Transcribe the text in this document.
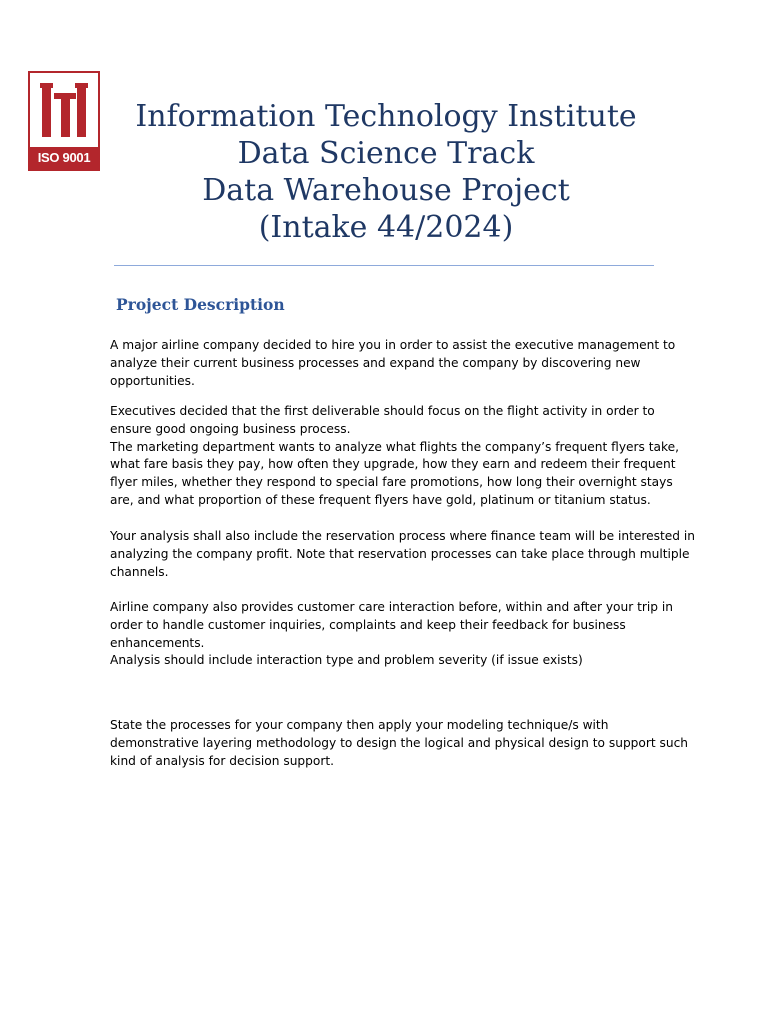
ISO 9001
Information Technology Institute
Data Science Track
Data Warehouse Project
(Intake 44/2024)
Project Description
A major airline company decided to hire you in order to assist the executive management to
analyze their current business processes and expand the company by discovering new
opportunities.
Executives decided that the first deliverable should focus on the flight activity in order to
ensure good ongoing business process.
The marketing department wants to analyze what flights the company’s frequent flyers take,
what fare basis they pay, how often they upgrade, how they earn and redeem their frequent
flyer miles, whether they respond to special fare promotions, how long their overnight stays
are, and what proportion of these frequent flyers have gold, platinum or titanium status.
Your analysis shall also include the reservation process where finance team will be interested in
analyzing the company profit. Note that reservation processes can take place through multiple
channels.
Airline company also provides customer care interaction before, within and after your trip in
order to handle customer inquiries, complaints and keep their feedback for business
enhancements.
Analysis should include interaction type and problem severity (if issue exists)
State the processes for your company then apply your modeling technique/s with
demonstrative layering methodology to design the logical and physical design to support such
kind of analysis for decision support.
